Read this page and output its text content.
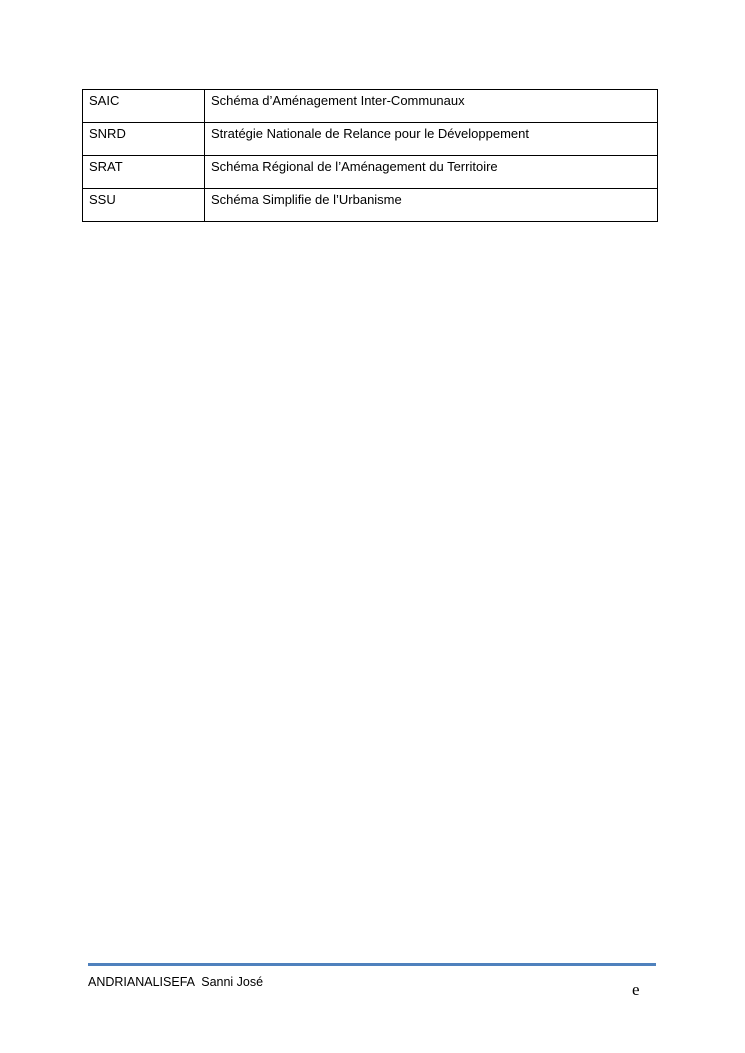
SAIC	Schéma d’Aménagement Inter-Communaux
SNRD	Stratégie Nationale de Relance pour le Développement
SRAT	Schéma Régional de l’Aménagement du Territoire
SSU	Schéma Simplifie de l’Urbanisme
ANDRIANALISEFA  Sanni José	e
